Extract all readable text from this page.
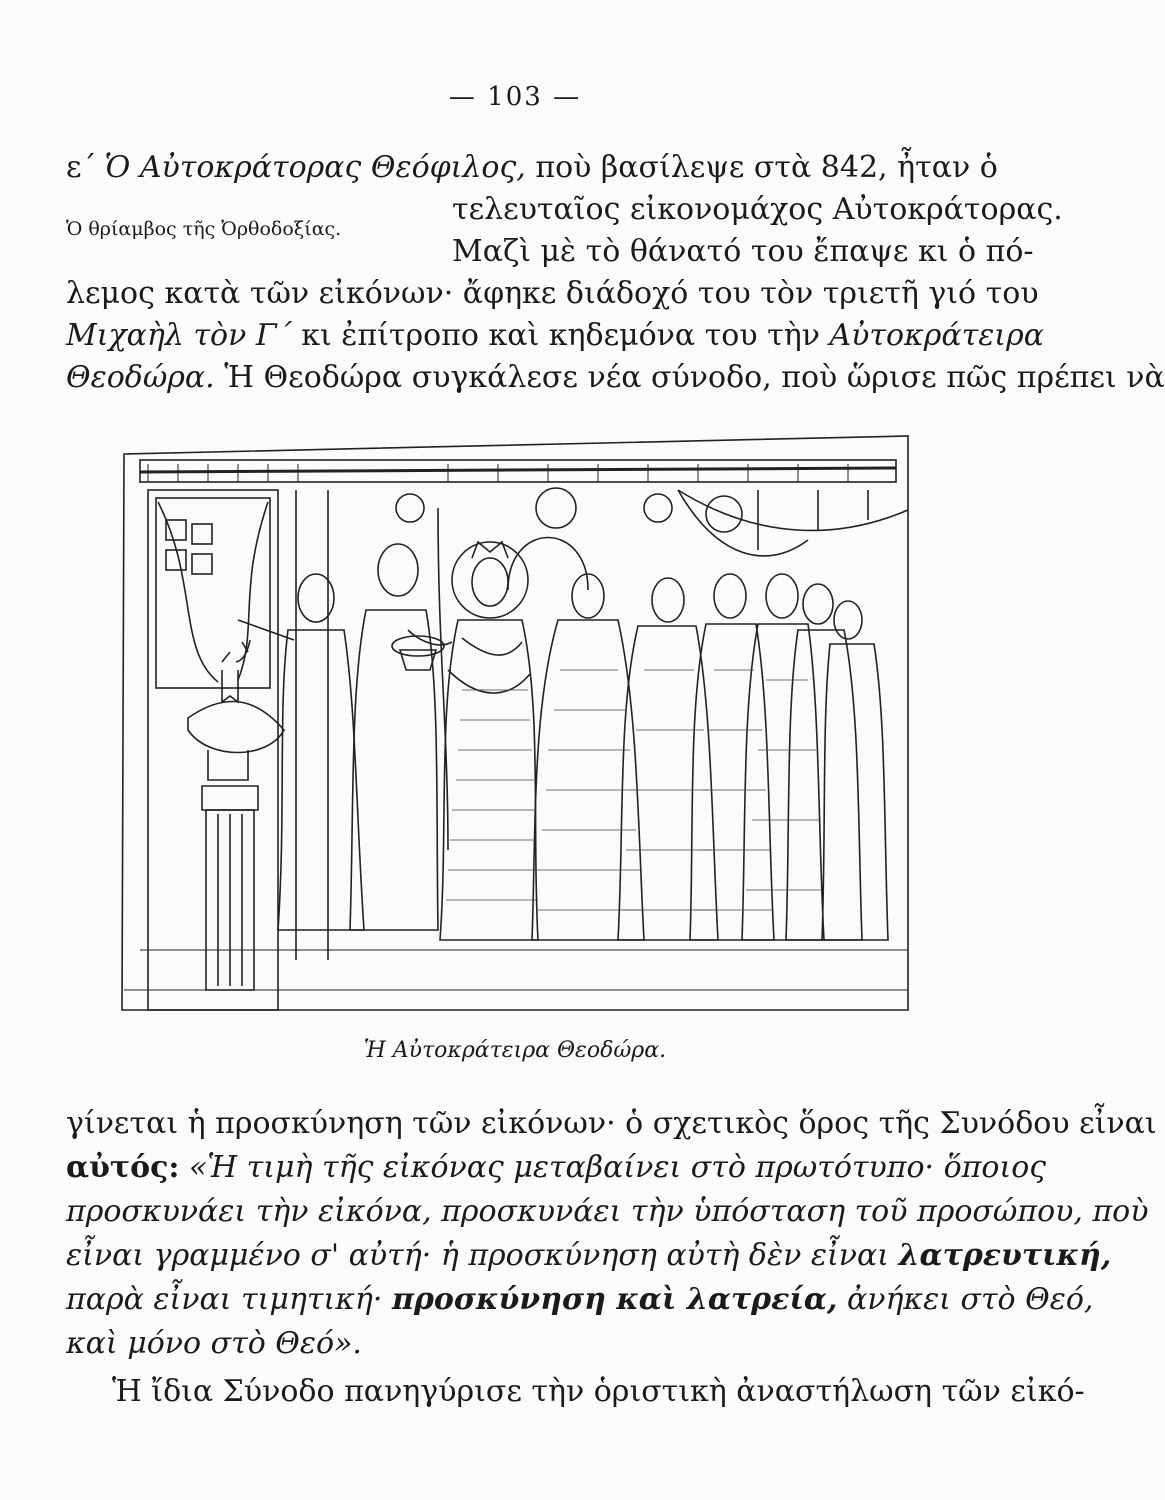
— 103 —
ε΄ Ὁ Αὐτοκράτορας Θεόφιλος, ποὺ βασίλεψε στὰ 842, ἦταν ὁ
τελευταῖος εἰκονομάχος Αὐτοκράτορας.
Ὁ θρίαμβος τῆς Ὀρθοδοξίας.
Μαζὶ μὲ τὸ θάνατό του ἔπαψε κι ὁ πό-
λεμος κατὰ τῶν εἰκόνων· ἄφηκε διάδοχό του τὸν τριετῆ γιό του
Μιχαὴλ τὸν Γ΄ κι ἐπίτροπο καὶ κηδεμόνα του τὴν Αὐτοκράτειρα
Θεοδώρα. Ἡ Θεοδώρα συγκάλεσε νέα σύνοδο, ποὺ ὥρισε πῶς πρέπει νὰ
Ἡ Αὐτοκράτειρα Θεοδώρα.
γίνεται ἡ προσκύνηση τῶν εἰκόνων· ὁ σχετικὸς ὅρος τῆς Συνόδου εἶναι
αὐτός: «Ἡ τιμὴ τῆς εἰκόνας μεταβαίνει στὸ πρωτότυπο· ὅποιος
προσκυνάει τὴν εἰκόνα, προσκυνάει τὴν ὑπόσταση τοῦ προσώπου, ποὺ
εἶναι γραμμένο σ' αὐτή· ἡ προσκύνηση αὐτὴ δὲν εἶναι λατρευτική,
παρὰ εἶναι τιμητική· προσκύνηση καὶ λατρεία, ἀνήκει στὸ Θεό,
καὶ μόνο στὸ Θεό».
Ἡ ἴδια Σύνοδο πανηγύρισε τὴν ὁριστικὴ ἀναστήλωση τῶν εἰκό-
